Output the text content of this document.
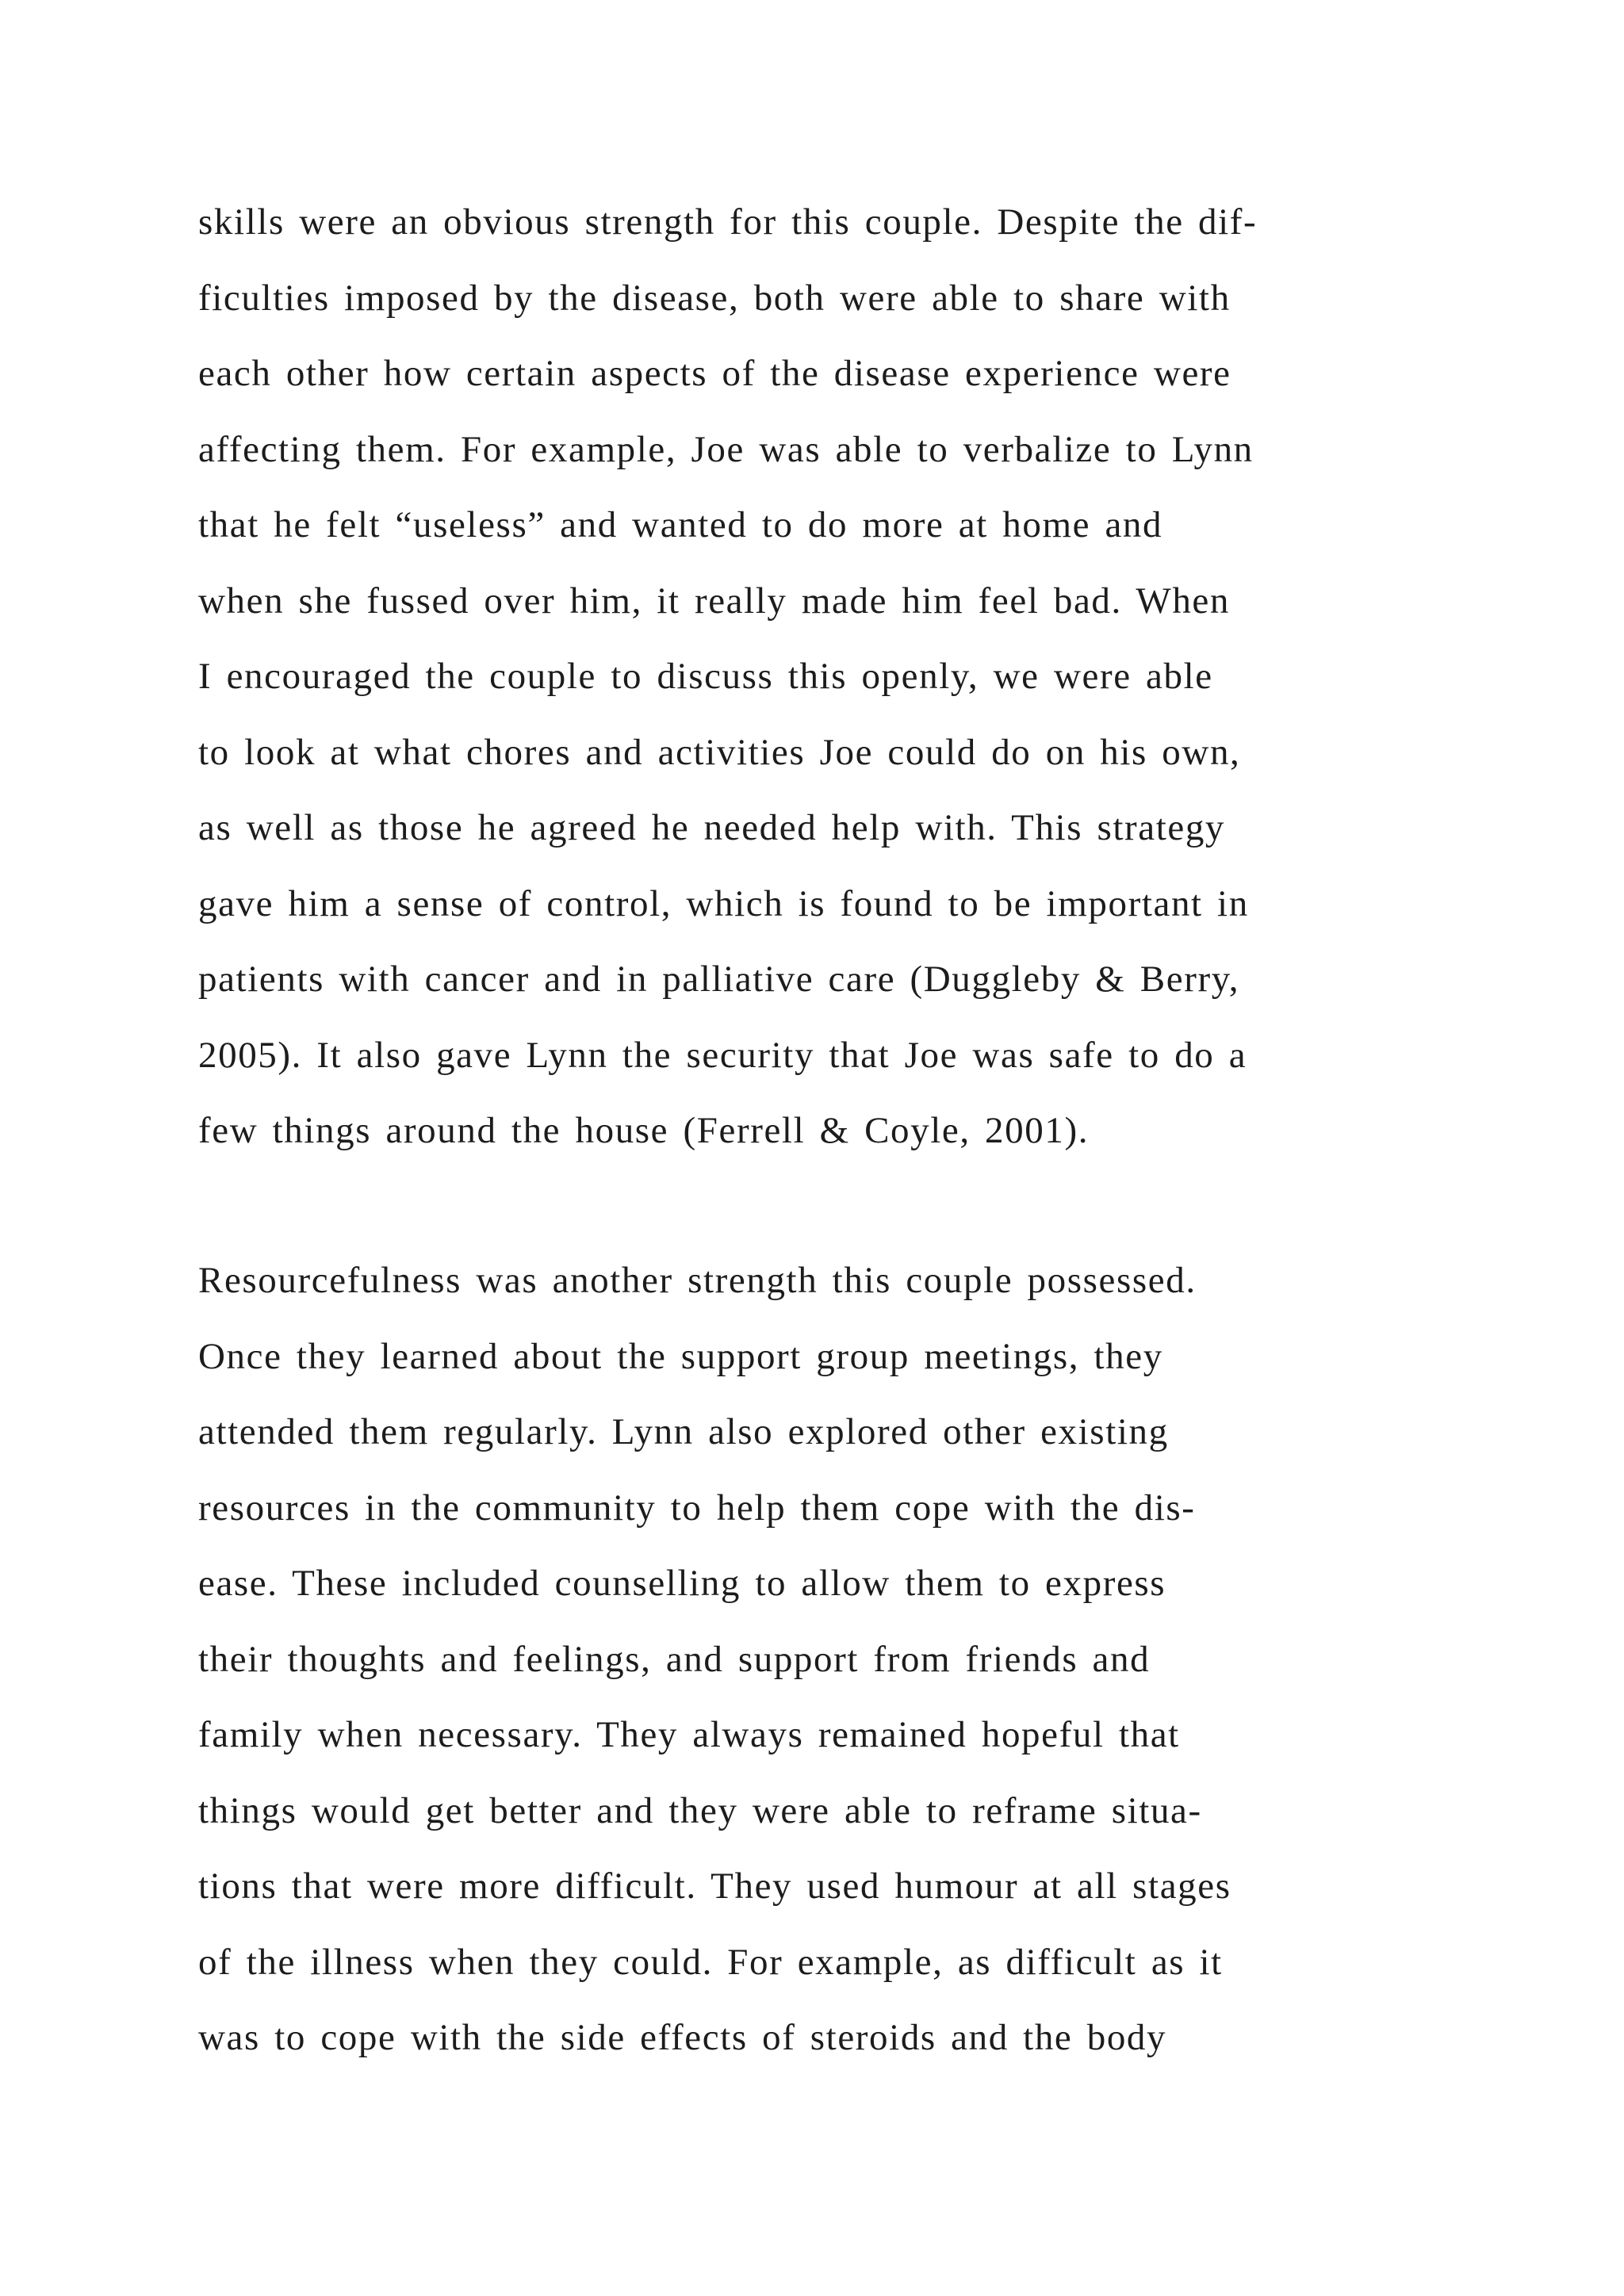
skills were an obvious strength for this couple. Despite the dif-
ficulties imposed by the disease, both were able to share with
each other how certain aspects of the disease experience were
affecting them. For example, Joe was able to verbalize to Lynn
that he felt “useless” and wanted to do more at home and
when she fussed over him, it really made him feel bad. When
I encouraged the couple to discuss this openly, we were able
to look at what chores and activities Joe could do on his own,
as well as those he agreed he needed help with. This strategy
gave him a sense of control, which is found to be important in
patients with cancer and in palliative care (Duggleby & Berry,
2005). It also gave Lynn the security that Joe was safe to do a
few things around the house (Ferrell & Coyle, 2001).
Resourcefulness was another strength this couple possessed.
Once they learned about the support group meetings, they
attended them regularly. Lynn also explored other existing
resources in the community to help them cope with the dis-
ease. These included counselling to allow them to express
their thoughts and feelings, and support from friends and
family when necessary. They always remained hopeful that
things would get better and they were able to reframe situa-
tions that were more difficult. They used humour at all stages
of the illness when they could. For example, as difficult as it
was to cope with the side effects of steroids and the body
